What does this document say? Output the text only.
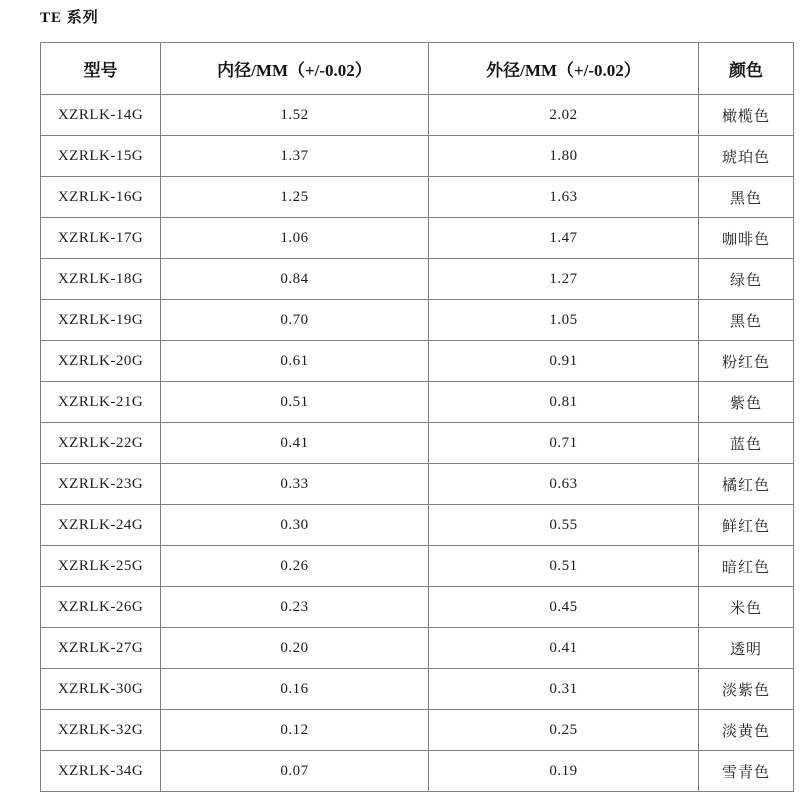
TE 系列
型号	内径/MM（+/-0.02）	外径/MM（+/-0.02）	颜色
XZRLK-14G	1.52	2.02	橄榄色
XZRLK-15G	1.37	1.80	琥珀色
XZRLK-16G	1.25	1.63	黑色
XZRLK-17G	1.06	1.47	咖啡色
XZRLK-18G	0.84	1.27	绿色
XZRLK-19G	0.70	1.05	黑色
XZRLK-20G	0.61	0.91	粉红色
XZRLK-21G	0.51	0.81	紫色
XZRLK-22G	0.41	0.71	蓝色
XZRLK-23G	0.33	0.63	橘红色
XZRLK-24G	0.30	0.55	鲜红色
XZRLK-25G	0.26	0.51	暗红色
XZRLK-26G	0.23	0.45	米色
XZRLK-27G	0.20	0.41	透明
XZRLK-30G	0.16	0.31	淡紫色
XZRLK-32G	0.12	0.25	淡黄色
XZRLK-34G	0.07	0.19	雪青色
